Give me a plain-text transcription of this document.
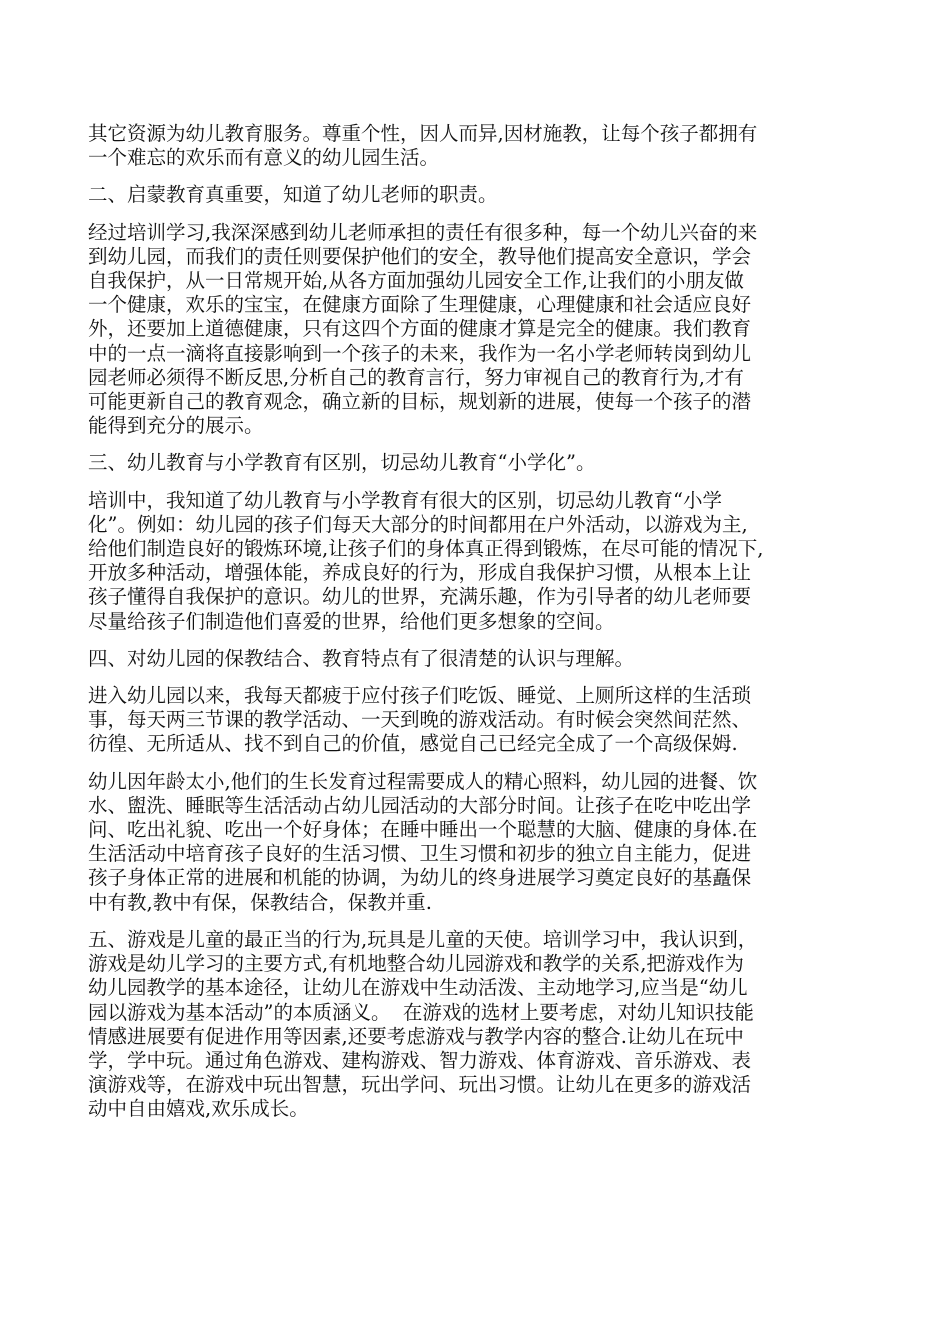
其它资源为幼儿教育服务。尊重个性，因人而异,因材施教，让每个孩子都拥有
一个难忘的欢乐而有意义的幼儿园生活。

二、启蒙教育真重要，知道了幼儿老师的职责。

经过培训学习,我深深感到幼儿老师承担的责任有很多种，每一个幼儿兴奋的来
到幼儿园，而我们的责任则要保护他们的安全，教导他们提高安全意识，学会
自我保护，从一日常规开始,从各方面加强幼儿园安全工作,让我们的小朋友做
一个健康，欢乐的宝宝，在健康方面除了生理健康，心理健康和社会适应良好
外，还要加上道德健康，只有这四个方面的健康才算是完全的健康。我们教育
中的一点一滴将直接影响到一个孩子的未来，我作为一名小学老师转岗到幼儿
园老师必须得不断反思,分析自己的教育言行，努力审视自己的教育行为,才有
可能更新自己的教育观念，确立新的目标，规划新的进展，使每一个孩子的潜
能得到充分的展示。

三、幼儿教育与小学教育有区别，切忌幼儿教育“小学化”。

培训中，我知道了幼儿教育与小学教育有很大的区别，切忌幼儿教育“小学
化”。例如：幼儿园的孩子们每天大部分的时间都用在户外活动，以游戏为主,
给他们制造良好的锻炼环境,让孩子们的身体真正得到锻炼，在尽可能的情况下,
开放多种活动，增强体能，养成良好的行为，形成自我保护习惯，从根本上让
孩子懂得自我保护的意识。幼儿的世界，充满乐趣，作为引导者的幼儿老师要
尽量给孩子们制造他们喜爱的世界，给他们更多想象的空间。

四、对幼儿园的保教结合、教育特点有了很清楚的认识与理解。

进入幼儿园以来，我每天都疲于应付孩子们吃饭、睡觉、上厕所这样的生活琐
事，每天两三节课的教学活动、一天到晚的游戏活动。有时候会突然间茫然、
彷徨、无所适从、找不到自己的价值，感觉自己已经完全成了一个高级保姆.

幼儿因年龄太小,他们的生长发育过程需要成人的精心照料，幼儿园的进餐、饮
水、盥洗、睡眠等生活活动占幼儿园活动的大部分时间。让孩子在吃中吃出学
问、吃出礼貌、吃出一个好身体；在睡中睡出一个聪慧的大脑、健康的身体.在
生活活动中培育孩子良好的生活习惯、卫生习惯和初步的独立自主能力，促进
孩子身体正常的进展和机能的协调，为幼儿的终身进展学习奠定良好的基矗保
中有教,教中有保，保教结合，保教并重.

五、游戏是儿童的最正当的行为,玩具是儿童的天使。培训学习中，我认识到，
游戏是幼儿学习的主要方式,有机地整合幼儿园游戏和教学的关系,把游戏作为
幼儿园教学的基本途径，让幼儿在游戏中生动活泼、主动地学习,应当是“幼儿
园以游戏为基本活动”的本质涵义。  在游戏的选材上要考虑，对幼儿知识技能
情感进展要有促进作用等因素,还要考虑游戏与教学内容的整合.让幼儿在玩中
学，学中玩。通过角色游戏、建构游戏、智力游戏、体育游戏、音乐游戏、表
演游戏等，在游戏中玩出智慧，玩出学问、玩出习惯。让幼儿在更多的游戏活
动中自由嬉戏,欢乐成长。
